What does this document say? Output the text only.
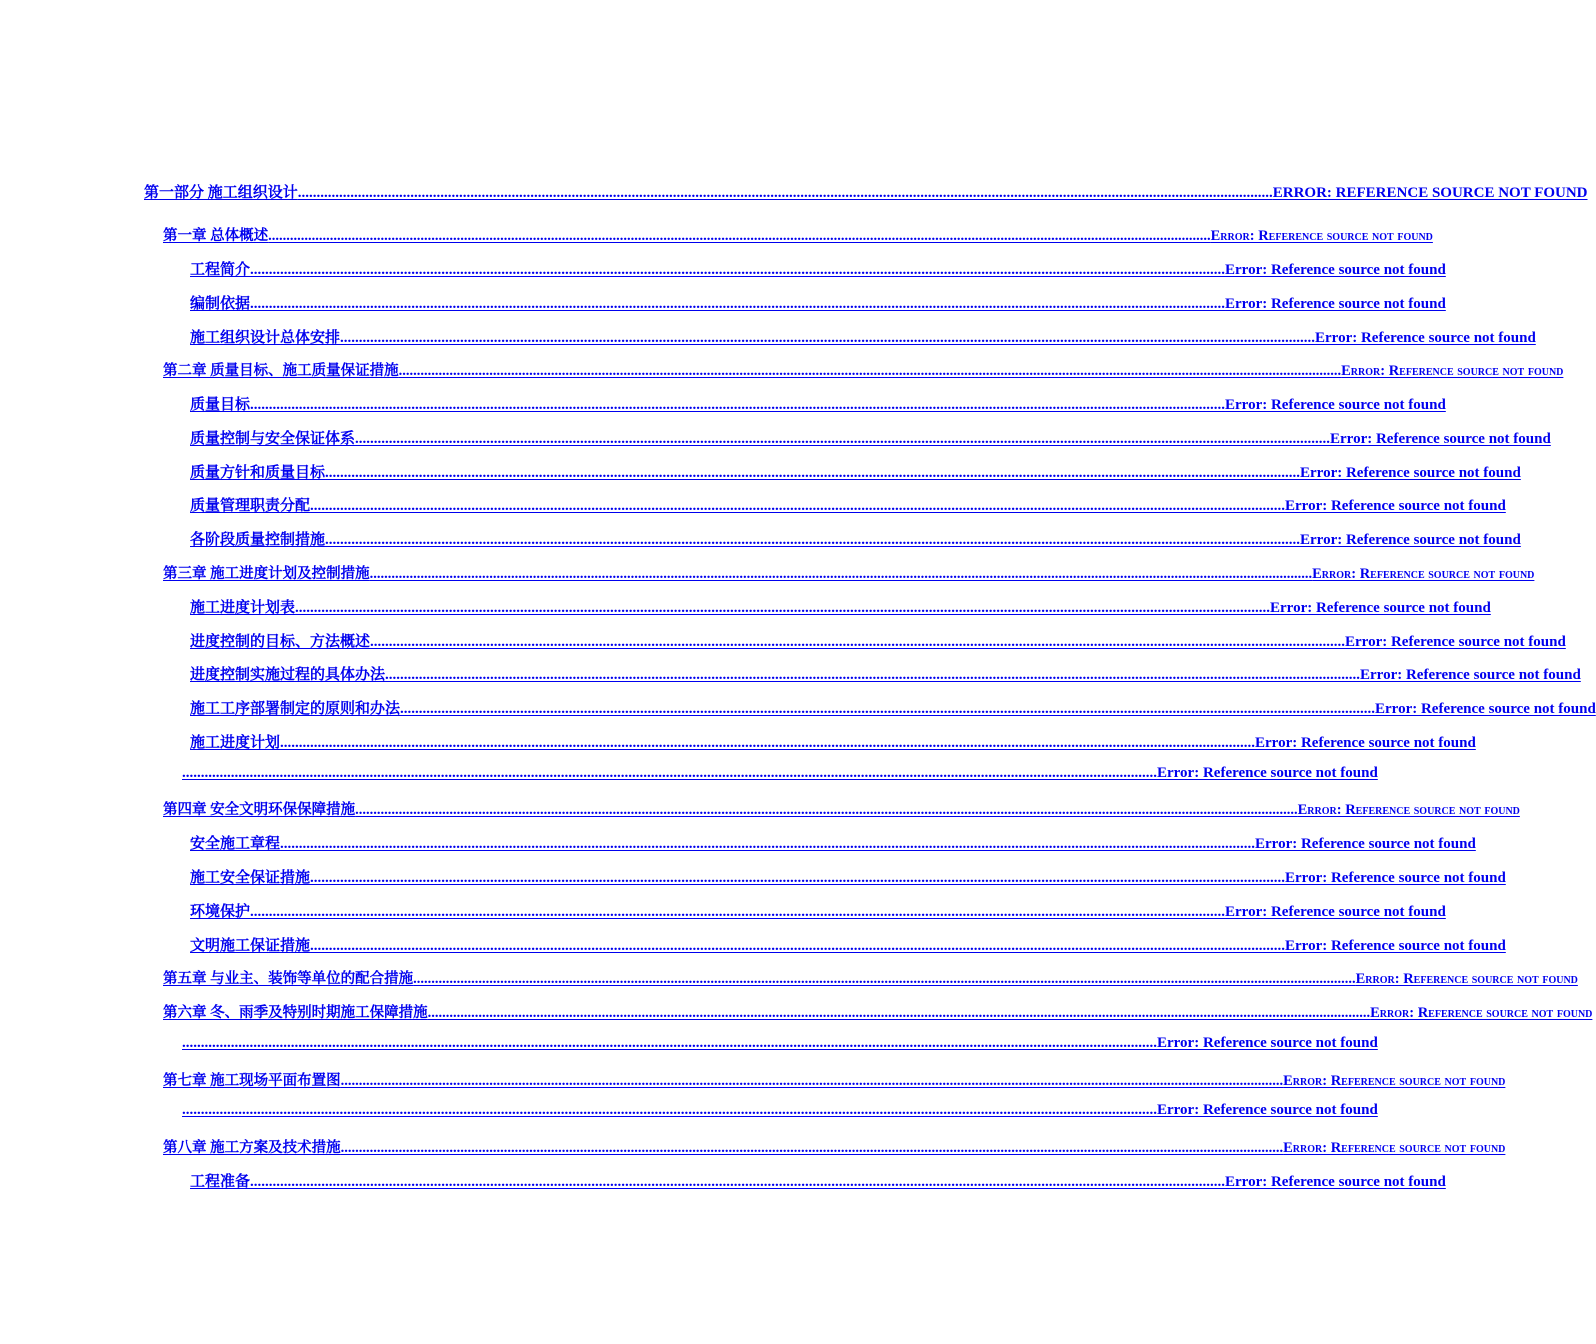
第一部分 施工组织设计 .................................................................................................................................................................................................................................................................... ERROR: REFERENCE SOURCE NOT FOUND
第一章 总体概述 .................................................................................................................................................................................................................................................................... Error: Reference source not found
工程简介 .................................................................................................................................................................................................................................................................... Error: Reference source not found
编制依据 .................................................................................................................................................................................................................................................................... Error: Reference source not found
施工组织设计总体安排 .................................................................................................................................................................................................................................................................... Error: Reference source not found
第二章 质量目标、施工质量保证措施 .................................................................................................................................................................................................................................................................... Error: Reference source not found
质量目标 .................................................................................................................................................................................................................................................................... Error: Reference source not found
质量控制与安全保证体系 .................................................................................................................................................................................................................................................................... Error: Reference source not found
质量方针和质量目标 .................................................................................................................................................................................................................................................................... Error: Reference source not found
质量管理职责分配 .................................................................................................................................................................................................................................................................... Error: Reference source not found
各阶段质量控制措施 .................................................................................................................................................................................................................................................................... Error: Reference source not found
第三章 施工进度计划及控制措施 .................................................................................................................................................................................................................................................................... Error: Reference source not found
施工进度计划表 .................................................................................................................................................................................................................................................................... Error: Reference source not found
进度控制的目标、方法概述 .................................................................................................................................................................................................................................................................... Error: Reference source not found
进度控制实施过程的具体办法 .................................................................................................................................................................................................................................................................... Error: Reference source not found
施工工序部署制定的原则和办法 .................................................................................................................................................................................................................................................................... Error: Reference source not found
施工进度计划 .................................................................................................................................................................................................................................................................... Error: Reference source not found
.................................................................................................................................................................................................................................................................... Error: Reference source not found
第四章 安全文明环保保障措施 .................................................................................................................................................................................................................................................................... Error: Reference source not found
安全施工章程 .................................................................................................................................................................................................................................................................... Error: Reference source not found
施工安全保证措施 .................................................................................................................................................................................................................................................................... Error: Reference source not found
环境保护 .................................................................................................................................................................................................................................................................... Error: Reference source not found
文明施工保证措施 .................................................................................................................................................................................................................................................................... Error: Reference source not found
第五章 与业主、装饰等单位的配合措施 .................................................................................................................................................................................................................................................................... Error: Reference source not found
第六章 冬、雨季及特别时期施工保障措施 .................................................................................................................................................................................................................................................................... Error: Reference source not found
.................................................................................................................................................................................................................................................................... Error: Reference source not found
第七章 施工现场平面布置图 .................................................................................................................................................................................................................................................................... Error: Reference source not found
.................................................................................................................................................................................................................................................................... Error: Reference source not found
第八章 施工方案及技术措施 .................................................................................................................................................................................................................................................................... Error: Reference source not found
工程准备 .................................................................................................................................................................................................................................................................... Error: Reference source not found
